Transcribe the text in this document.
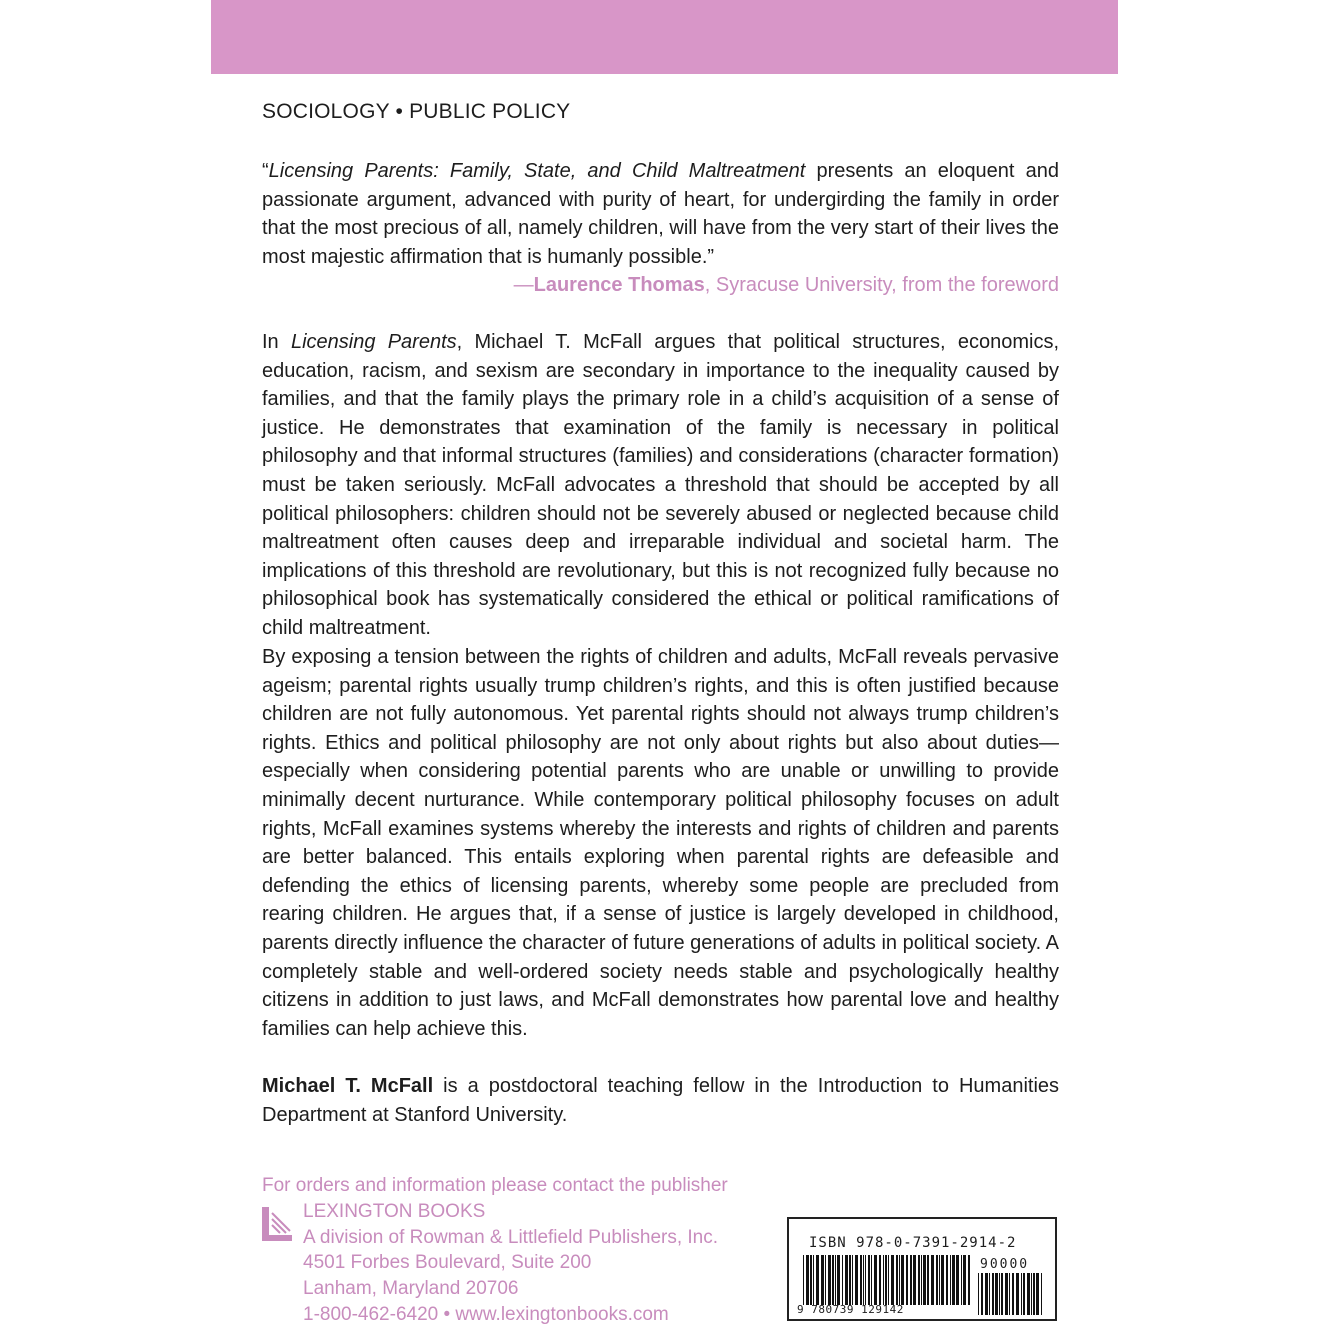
SOCIOLOGY • PUBLIC POLICY

“Licensing Parents: Family, State, and Child Maltreatment presents an eloquent and passionate argument, advanced with purity of heart, for undergirding the family in order that the most precious of all, namely children, will have from the very start of their lives the most majestic affirmation that is humanly possible.”

—Laurence Thomas, Syracuse University, from the foreword

In Licensing Parents, Michael T. McFall argues that political structures, economics, education, racism, and sexism are secondary in importance to the inequality caused by families, and that the family plays the primary role in a child’s acquisition of a sense of justice. He demonstrates that examination of the family is necessary in political philosophy and that informal structures (families) and considerations (character formation) must be taken seriously. McFall advocates a threshold that should be accepted by all political philosophers: children should not be severely abused or neglected because child maltreatment often causes deep and irreparable individual and societal harm. The implications of this threshold are revolutionary, but this is not recognized fully because no philosophical book has systematically considered the ethical or political ramifications of child maltreatment.

By exposing a tension between the rights of children and adults, McFall reveals pervasive ageism; parental rights usually trump children’s rights, and this is often justified because children are not fully autonomous. Yet parental rights should not always trump children’s rights. Ethics and political philosophy are not only about rights but also about duties—especially when considering potential parents who are unable or unwilling to provide minimally decent nurturance. While contemporary political philosophy focuses on adult rights, McFall examines systems whereby the interests and rights of children and parents are better balanced. This entails exploring when parental rights are defeasible and defending the ethics of licensing parents, whereby some people are precluded from rearing children. He argues that, if a sense of justice is largely developed in childhood, parents directly influence the character of future generations of adults in political society. A completely stable and well-ordered society needs stable and psychologically healthy citizens in addition to just laws, and McFall demonstrates how parental love and healthy families can help achieve this.

Michael T. McFall is a postdoctoral teaching fellow in the Introduction to Humanities Department at Stanford University.

For orders and information please contact the publisher
LEXINGTON BOOKS
A division of Rowman & Littlefield Publishers, Inc.
4501 Forbes Boulevard, Suite 200
Lanham, Maryland 20706
1-800-462-6420 • www.lexingtonbooks.com
ISBN 978-0-7391-2914-2
90000
9 780739 129142
